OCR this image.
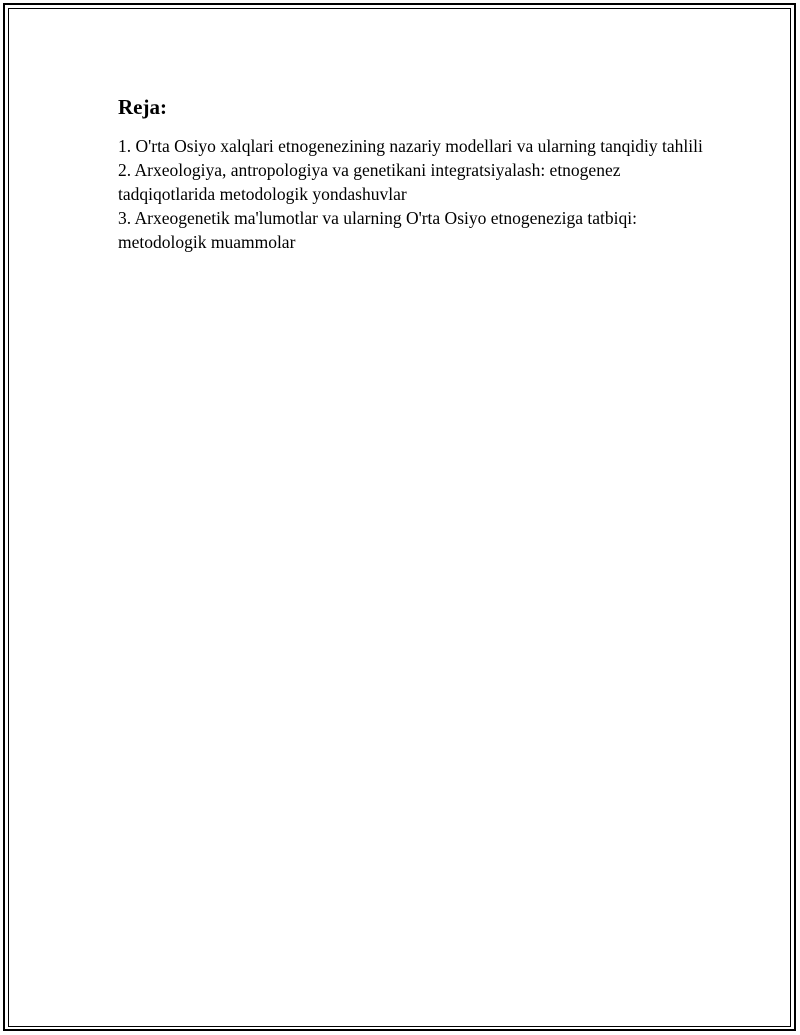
Reja:
1. O'rta Osiyo xalqlari etnogenezining nazariy modellari va ularning tanqidiy tahlili
2. Arxeologiya, antropologiya va genetikani integratsiyalash: etnogenez tadqiqotlarida metodologik yondashuvlar
3. Arxeogenetik ma'lumotlar va ularning O'rta Osiyo etnogeneziga tatbiqi: metodologik muammolar
